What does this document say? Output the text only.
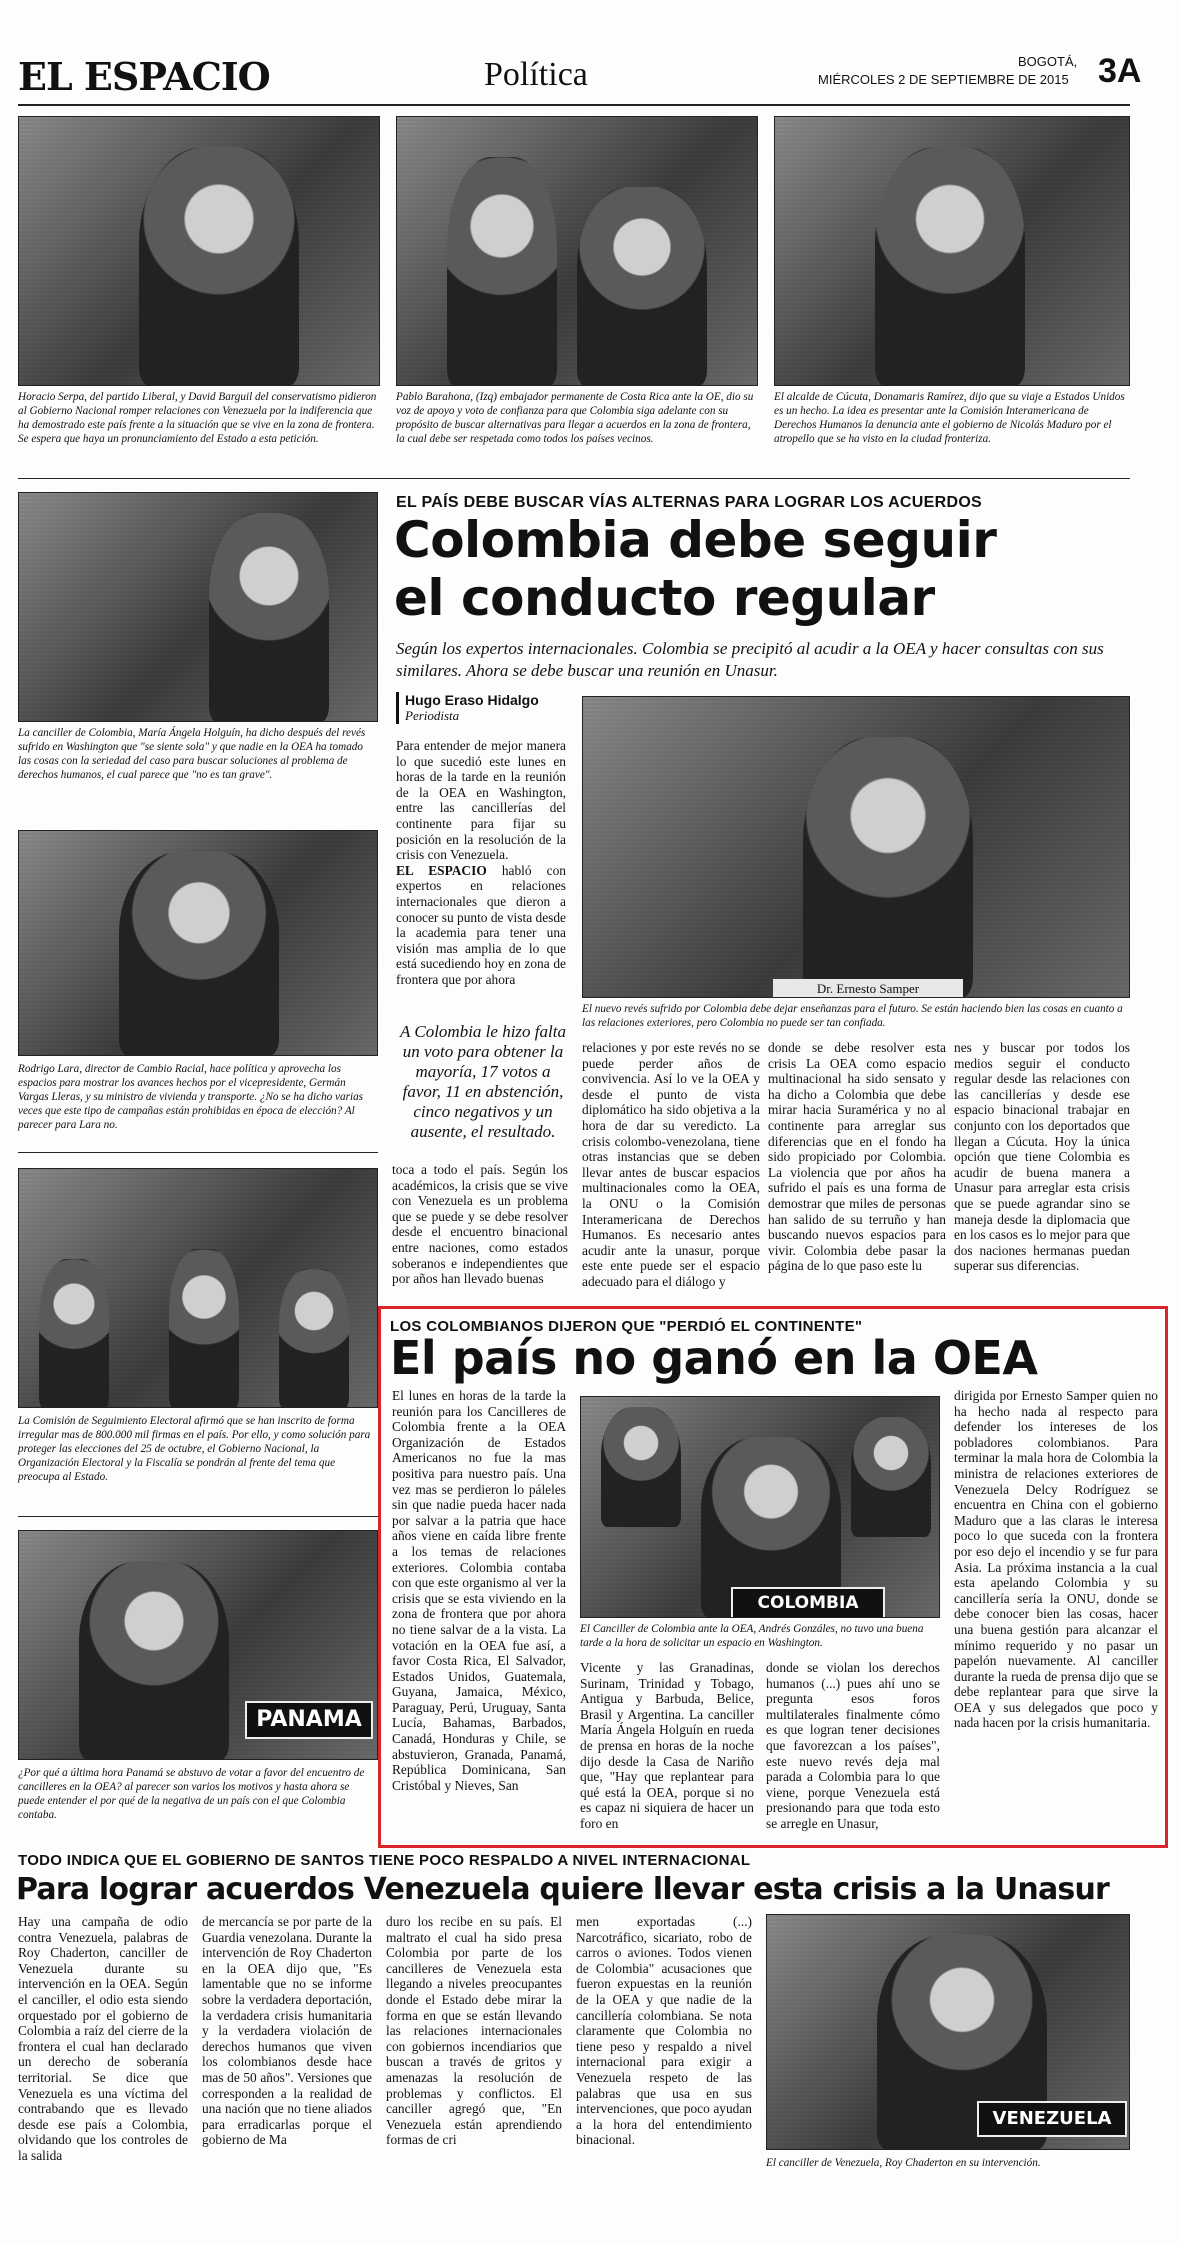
EL ESPACIO	Política	BOGOTÁ,
MIÉRCOLES 2 DE SEPTIEMBRE DE 2015 3A
Horacio Serpa, del partido Liberal, y David Barguil del conservatismo pidieron al Gobierno Nacional romper relaciones con Venezuela por la indiferencia que ha demostrado este país frente a la situación que se vive en la zona de frontera. Se espera que haya un pronunciamiento del Estado a esta petición.
Pablo Barahona, (Izq) embajador permanente de Costa Rica ante la OE, dio su voz de apoyo y voto de confianza para que Colombia siga adelante con su propósito de buscar alternativas para llegar a acuerdos en la zona de frontera, la cual debe ser respetada como todos los países vecinos.
El alcalde de Cúcuta, Donamaris Ramírez, dijo que su viaje a Estados Unidos es un hecho. La idea es presentar ante la Comisión Interamericana de Derechos Humanos la denuncia ante el gobierno de Nicolás Maduro por el atropello que se ha visto en la ciudad fronteriza.
La canciller de Colombia, María Ángela Holguín, ha dicho después del revés sufrido en Washington que "se siente sola" y que nadie en la OEA ha tomado las cosas con la seriedad del caso para buscar soluciones al problema de derechos humanos, el cual parece que "no es tan grave".
Rodrigo Lara, director de Cambio Racial, hace política y aprovecha los espacios para mostrar los avances hechos por el vicepresidente, Germán Vargas Lleras, y su ministro de vivienda y transporte. ¿No se ha dicho varias veces que este tipo de campañas están prohibidas en época de elección? Al parecer para Lara no.
La Comisión de Seguimiento Electoral afirmó que se han inscrito de forma irregular mas de 800.000 mil firmas en el país. Por ello, y como solución para proteger las elecciones del 25 de octubre, el Gobierno Nacional, la Organización Electoral y la Fiscalía se pondrán al frente del tema que preocupa al Estado.
PANAMA
¿Por qué a última hora Panamá se abstuvo de votar a favor del encuentro de cancilleres en la OEA? al parecer son varios los motivos y hasta ahora se puede entender el por qué de la negativa de un país con el que Colombia contaba.
EL PAÍS DEBE BUSCAR VÍAS ALTERNAS PARA LOGRAR LOS ACUERDOS
Colombia debe seguir
el conducto regular
Según los expertos internacionales. Colombia se precipitó al acudir a la OEA y hacer consultas con sus similares. Ahora se debe buscar una reunión en Unasur.
Hugo Eraso Hidalgo
Periodista
Para entender de mejor manera lo que sucedió este lunes en horas de la tarde en la reunión de la OEA en Washington, entre las cancillerías del continente para fijar su posición en la resolución de la crisis con Venezuela.
EL ESPACIO habló con expertos en relaciones internacionales que dieron a conocer su punto de vista desde la academia para tener una visión mas amplia de lo que está sucediendo hoy en zona de frontera que por ahora
A Colombia le hizo falta un voto para obtener la mayoría, 17 votos a favor, 11 en abstención, cinco negativos y un ausente, el resultado.
toca a todo el país. Según los académicos, la crisis que se vive con Venezuela es un problema que se puede y se debe resolver desde el encuentro binacional entre naciones, como estados soberanos e independientes que por años han llevado buenas
Dr. Ernesto Samper
El nuevo revés sufrido por Colombia debe dejar enseñanzas para el futuro. Se están haciendo bien las cosas en cuanto a las relaciones exteriores, pero Colombia no puede ser tan confiada.
relaciones y por este revés no se puede perder años de convivencia. Así lo ve la OEA y desde el punto de vista diplomático ha sido objetiva a la hora de dar su veredicto. La crisis colombo-venezolana, tiene otras instancias que se deben llevar antes de buscar espacios multinacionales como la OEA, la ONU o la Comisión Interamericana de Derechos Humanos. Es necesario antes acudir ante la unasur, porque este ente puede ser el espacio adecuado para el diálogo y
donde se debe resolver esta crisis La OEA como espacio multinacional ha sido sensato y ha dicho a Colombia que debe mirar hacia Suramérica y no al continente para arreglar sus diferencias que en el fondo ha sido propiciado por Colombia. La violencia que por años ha sufrido el país es una forma de demostrar que miles de personas han salido de su terruño y han buscando nuevos espacios para vivir. Colombia debe pasar la página de lo que paso este lu
nes y buscar por todos los medios seguir el conducto regular desde las relaciones con las cancillerías y desde ese espacio binacional trabajar en conjunto con los deportados que llegan a Cúcuta. Hoy la única opción que tiene Colombia es acudir de buena manera a Unasur para arreglar esta crisis que se puede agrandar sino se maneja desde la diplomacia que en los casos es lo mejor para que dos naciones hermanas puedan superar sus diferencias.
LOS COLOMBIANOS DIJERON QUE "PERDIÓ EL CONTINENTE"
El país no ganó en la OEA
El lunes en horas de la tarde la reunión para los Cancilleres de Colombia frente a la OEA Organización de Estados Americanos no fue la mas positiva para nuestro país. Una vez mas se perdieron lo páleles sin que nadie pueda hacer nada por salvar a la patria que hace años viene en caída libre frente a los temas de relaciones exteriores. Colombia contaba con que este organismo al ver la crisis que se esta viviendo en la zona de frontera que por ahora no tiene salvar de a la vista. La votación en la OEA fue así, a favor Costa Rica, El Salvador, Estados Unidos, Guatemala, Guyana, Jamaica, México, Paraguay, Perú, Uruguay, Santa Lucía, Bahamas, Barbados, Canadá, Honduras y Chile, se abstuvieron, Granada, Panamá, República Dominicana, San Cristóbal y Nieves, San
COLOMBIA
El Canciller de Colombia ante la OEA, Andrés Gonzáles, no tuvo una buena tarde a la hora de solicitar un espacio en Washington.
Vicente y las Granadinas, Surinam, Trinidad y Tobago, Antigua y Barbuda, Belice, Brasil y Argentina. La canciller María Ángela Holguín en rueda de prensa en horas de la noche dijo desde la Casa de Nariño que, "Hay que replantear para qué está la OEA, porque si no es capaz ni siquiera de hacer un foro en
donde se violan los derechos humanos (...) pues ahí uno se pregunta esos foros multilaterales finalmente cómo es que logran tener decisiones que favorezcan a los países", este nuevo revés deja mal parada a Colombia para lo que viene, porque Venezuela está presionando para que toda esto se arregle en Unasur,
dirigida por Ernesto Samper quien no ha hecho nada al respecto para defender los intereses de los pobladores colombianos. Para terminar la mala hora de Colombia la ministra de relaciones exteriores de Venezuela Delcy Rodríguez se encuentra en China con el gobierno Maduro que a las claras le interesa poco lo que suceda con la frontera por eso dejo el incendio y se fur para Asia. La próxima instancia a la cual esta apelando Colombia y su cancillería sería la ONU, donde se debe conocer bien las cosas, hacer una buena gestión para alcanzar el mínimo requerido y no pasar un papelón nuevamente. Al canciller durante la rueda de prensa dijo que se debe replantear para que sirve la OEA y sus delegados que poco y nada hacen por la crisis humanitaria.
TODO INDICA QUE EL GOBIERNO DE SANTOS TIENE POCO RESPALDO A NIVEL INTERNACIONAL
Para lograr acuerdos Venezuela quiere llevar esta crisis a la Unasur
Hay una campaña de odio contra Venezuela, palabras de Roy Chaderton, canciller de Venezuela durante su intervención en la OEA. Según el canciller, el odio esta siendo orquestado por el gobierno de Colombia a raíz del cierre de la frontera el cual han declarado un derecho de soberanía territorial. Se dice que Venezuela es una víctima del contrabando que es llevado desde ese país a Colombia, olvidando que los controles de la salida
de mercancía se por parte de la Guardia venezolana. Durante la intervención de Roy Chaderton en la OEA dijo que, "Es lamentable que no se informe sobre la verdadera deportación, la verdadera crisis humanitaria y la verdadera violación de derechos humanos que viven los colombianos desde hace mas de 50 años". Versiones que corresponden a la realidad de una nación que no tiene aliados para erradicarlas porque el gobierno de Ma
duro los recibe en su país. El maltrato el cual ha sido presa Colombia por parte de los cancilleres de Venezuela esta llegando a niveles preocupantes donde el Estado debe mirar la forma en que se están llevando las relaciones internacionales con gobiernos incendiarios que buscan a través de gritos y amenazas la resolución de problemas y conflictos. El canciller agregó que, "En Venezuela están aprendiendo formas de cri
men exportadas (...) Narcotráfico, sicariato, robo de carros o aviones. Todos vienen de Colombia" acusaciones que fueron expuestas en la reunión de la OEA y que nadie de la cancillería colombiana. Se nota claramente que Colombia no tiene peso y respaldo a nivel internacional para exigir a Venezuela respeto de las palabras que usa en sus intervenciones, que poco ayudan a la hora del entendimiento binacional.
VENEZUELA
El canciller de Venezuela, Roy Chaderton en su intervención.
